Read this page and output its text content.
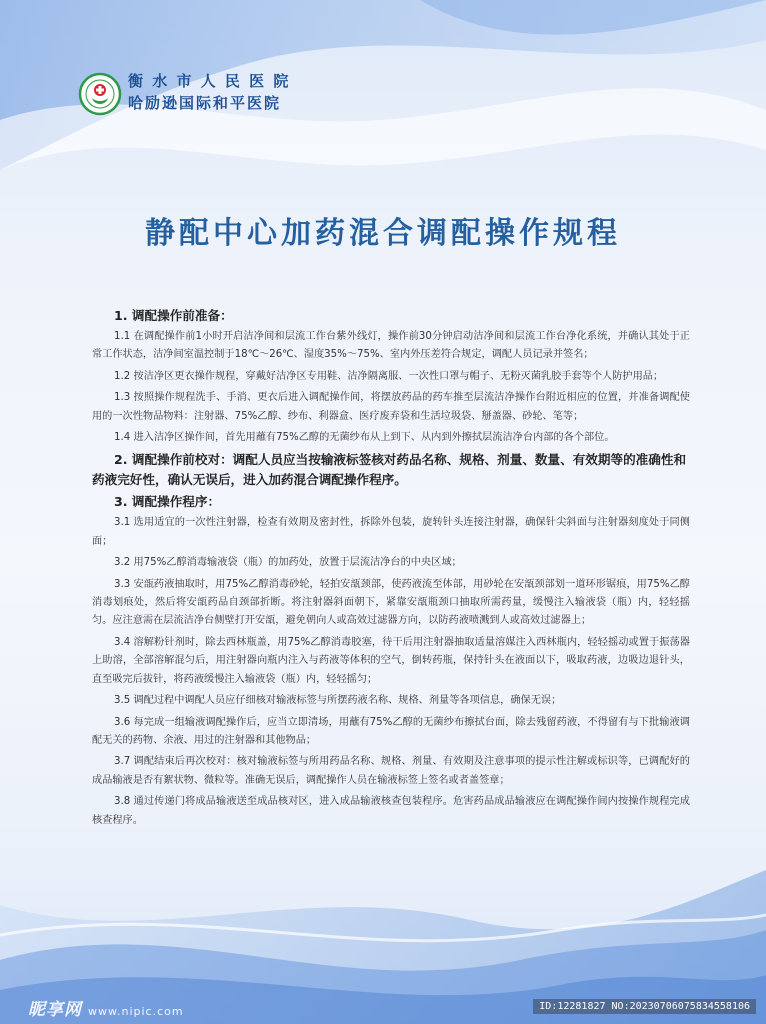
衡 水 市 人 民 医 院
哈励逊国际和平医院
静配中心加药混合调配操作规程
1. 调配操作前准备：

1.1 在调配操作前1小时开启洁净间和层流工作台紫外线灯，操作前30分钟启动洁净间和层流工作台净化系统，并确认其处于正常工作状态，洁净间室温控制于18℃～26℃、湿度35%～75%、室内外压差符合规定，调配人员记录并签名；

1.2 按洁净区更衣操作规程，穿戴好洁净区专用鞋、洁净隔离服、一次性口罩与帽子、无粉灭菌乳胶手套等个人防护用品；

1.3 按照操作规程洗手、手消、更衣后进入调配操作间，将摆放药品的药车推至层流洁净操作台附近相应的位置，并准备调配使用的一次性物品物料：注射器、75%乙醇、纱布、利器盒、医疗废弃袋和生活垃圾袋、掰盖器、砂轮、笔等；

1.4 进入洁净区操作间，首先用蘸有75%乙醇的无菌纱布从上到下、从内到外擦拭层流洁净台内部的各个部位。

2. 调配操作前校对：调配人员应当按输液标签核对药品名称、规格、剂量、数量、有效期等的准确性和药液完好性，确认无误后，进入加药混合调配操作程序。
3. 调配操作程序：

3.1 选用适宜的一次性注射器，检查有效期及密封性，拆除外包装，旋转针头连接注射器，确保针尖斜面与注射器刻度处于同侧面；

3.2 用75%乙醇消毒输液袋（瓶）的加药处，放置于层流洁净台的中央区域；

3.3 安瓿药液抽取时，用75%乙醇消毒砂轮，轻拍安瓿颈部，使药液流至体部，用砂轮在安瓿颈部划一道环形锯痕，用75%乙醇消毒划痕处，然后将安瓿药品自颈部折断。将注射器斜面朝下，紧靠安瓿瓶颈口抽取所需药量，缓慢注入输液袋（瓶）内，轻轻摇匀。应注意需在层流洁净台侧壁打开安瓿，避免朝向人或高效过滤器方向，以防药液喷溅到人或高效过滤器上；

3.4 溶解粉针剂时，除去西林瓶盖，用75%乙醇消毒胶塞，待干后用注射器抽取适量溶媒注入西林瓶内，轻轻摇动或置于振荡器上助溶，全部溶解混匀后，用注射器向瓶内注入与药液等体积的空气，倒转药瓶，保持针头在液面以下，吸取药液，边吸边退针头，直至吸完后拔针，将药液缓慢注入输液袋（瓶）内，轻轻摇匀；

3.5 调配过程中调配人员应仔细核对输液标签与所摆药液名称、规格、剂量等各项信息，确保无误；

3.6 每完成一组输液调配操作后，应当立即清场，用蘸有75%乙醇的无菌纱布擦拭台面，除去残留药液，不得留有与下批输液调配无关的药物、余液、用过的注射器和其他物品；

3.7 调配结束后再次校对：核对输液标签与所用药品名称、规格、剂量、有效期及注意事项的提示性注解或标识等，已调配好的成品输液是否有絮状物、微粒等。准确无误后，调配操作人员在输液标签上签名或者盖签章；

3.8 通过传递门将成品输液送至成品核对区，进入成品输液核查包装程序。危害药品成品输液应在调配操作间内按操作规程完成核查程序。

昵享网 www.nipic.com	ID:12281827 NO:20230706075834558106
